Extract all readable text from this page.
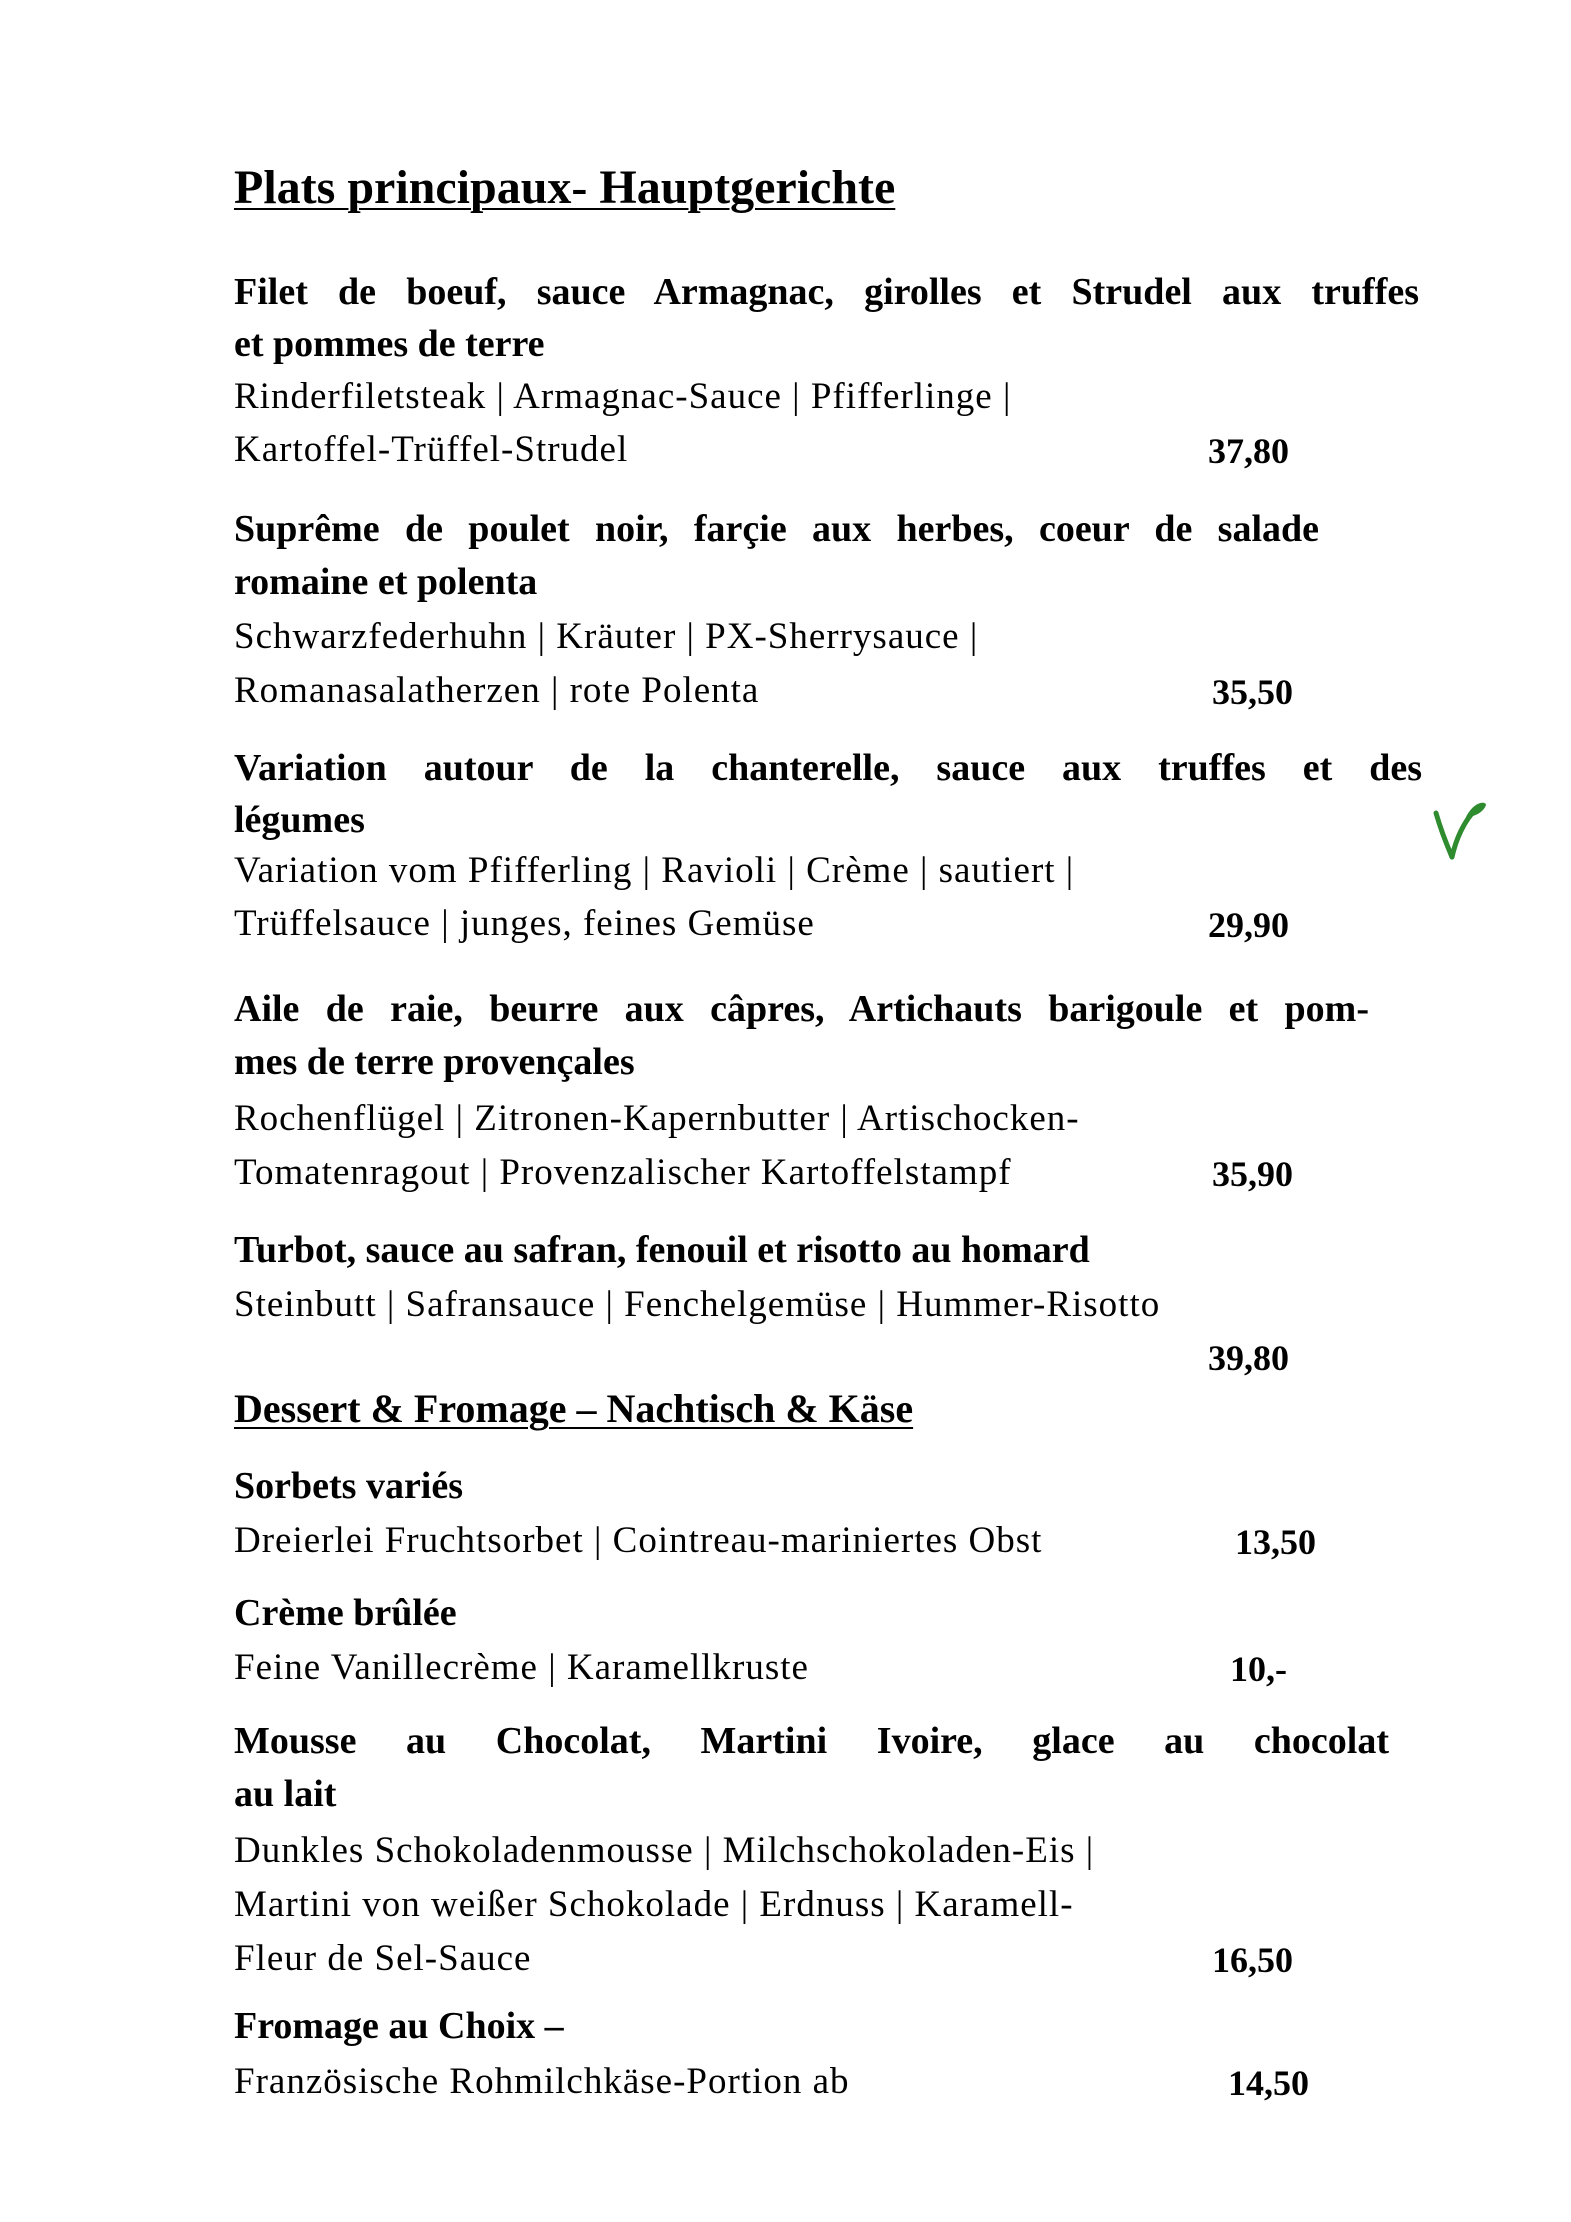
Plats principaux- Hauptgerichte
Filet de boeuf, sauce Armagnac, girolles et Strudel aux truffes
et pommes de terre
Rinderfiletsteak | Armagnac-Sauce | Pfifferlinge |
Kartoffel-Trüffel-Strudel	37,80
Suprême de poulet noir, farçie aux herbes, coeur de salade
romaine et polenta
Schwarzfederhuhn | Kräuter | PX-Sherrysauce |
Romanasalatherzen | rote Polenta	35,50
Variation autour de la chanterelle, sauce aux truffes et des
légumes
Variation vom Pfifferling | Ravioli | Crème | sautiert |
Trüffelsauce | junges, feines Gemüse	29,90
Aile de raie, beurre aux câpres, Artichauts barigoule et pom-
mes de terre provençales
Rochenflügel | Zitronen-Kapernbutter | Artischocken-
Tomatenragout | Provenzalischer Kartoffelstampf	35,90
Turbot, sauce au safran, fenouil et risotto au homard
Steinbutt | Safransauce | Fenchelgemüse | Hummer-Risotto
39,80
Dessert & Fromage – Nachtisch & Käse
Sorbets variés
Dreierlei Fruchtsorbet | Cointreau-mariniertes Obst	13,50
Crème brûlée
Feine Vanillecrème | Karamellkruste	10,-
Mousse au Chocolat, Martini Ivoire, glace au chocolat
au lait
Dunkles Schokoladenmousse | Milchschokoladen-Eis |
Martini von weißer Schokolade | Erdnuss | Karamell-
Fleur de Sel-Sauce	16,50
Fromage au Choix –
Französische Rohmilchkäse-Portion ab	14,50
